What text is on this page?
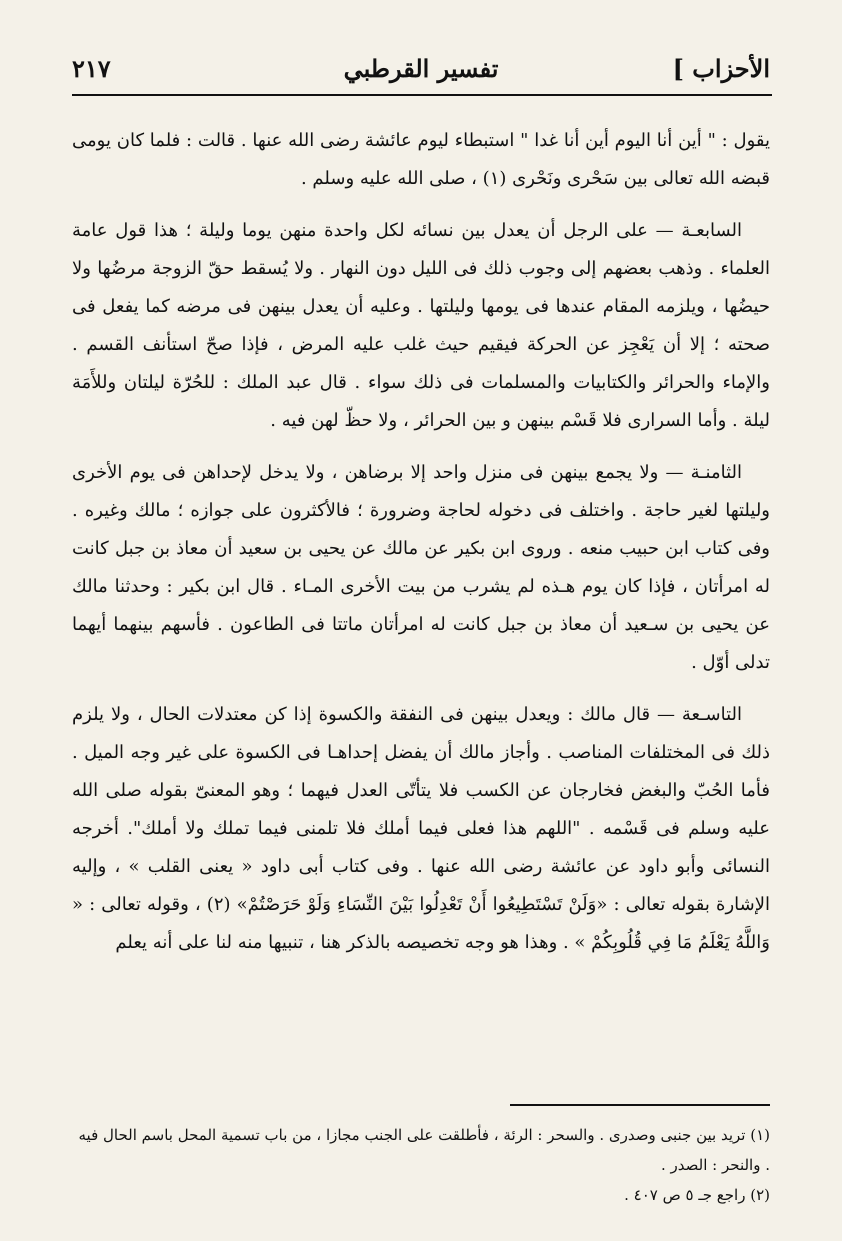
الأحزاب ]
تفسير القرطبي
٢١٧

يقول : " أين أنا اليوم أين أنا غدا " استبطاء ليوم عائشة رضى الله عنها . قالت : فلما كان يومى قبضه الله تعالى بين سَحْرى ونَحْرى (١) ، صلى الله عليه وسلم .

السابعـة — على الرجل أن يعدل بين نسائه لكل واحدة منهن يوما وليلة ؛ هذا قول عامة العلماء . وذهب بعضهم إلى وجوب ذلك فى الليل دون النهار . ولا يُسقط حقّ الزوجة مرضُها ولا حيضُها ، ويلزمه المقام عندها فى يومها وليلتها . وعليه أن يعدل بينهن فى مرضه كما يفعل فى صحته ؛ إلا أن يَعْجِز عن الحركة فيقيم حيث غلب عليه المرض ، فإذا صحّ استأنف القسم . والإماء والحرائر والكتابيات والمسلمات فى ذلك سواء . قال عبد الملك : للحُرّة ليلتان وللأَمَة ليلة . وأما السرارى فلا قَسْم بينهن و بين الحرائر ، ولا حظّ لهن فيه .

الثامنـة — ولا يجمع بينهن فى منزل واحد إلا برضاهن ، ولا يدخل لإحداهن فى يوم الأخرى وليلتها لغير حاجة . واختلف فى دخوله لحاجة وضرورة ؛ فالأكثرون على جوازه ؛ مالك وغيره . وفى كتاب ابن حبيب منعه . وروى ابن بكير عن مالك عن يحيى بن سعيد أن معاذ بن جبل كانت له امرأتان ، فإذا كان يوم هـذه لم يشرب من بيت الأخرى المـاء . قال ابن بكير : وحدثنا مالك عن يحيى بن سـعيد أن معاذ بن جبل كانت له امرأتان ماتتا فى الطاعون . فأسهم بينهما أيهما تدلى أوّل .

التاسـعة — قال مالك : ويعدل بينهن فى النفقة والكسوة إذا كن معتدلات الحال ، ولا يلزم ذلك فى المختلفات المناصب . وأجاز مالك أن يفضل إحداهـا فى الكسوة على غير وجه الميل . فأما الحُبّ والبغض فخارجان عن الكسب فلا يتأتّى العدل فيهما ؛ وهو المعنىّ بقوله صلى الله عليه وسلم فى قَسْمه . "اللهم هذا فعلى فيما أملك فلا تلمنى فيما تملك ولا أملك". أخرجه النسائى وأبو داود عن عائشة رضى الله عنها . وفى كتاب أبى داود « يعنى القلب » ، وإليه الإشارة بقوله تعالى : «وَلَنْ تَسْتَطِيعُوا أَنْ تَعْدِلُوا بَيْنَ النِّسَاءِ وَلَوْ حَرَصْتُمْ» (٢) ، وقوله تعالى : « وَاللَّهُ يَعْلَمُ مَا فِي قُلُوبِكُمْ » . وهذا هو وجه تخصيصه بالذكر هنا ، تنبيها منه لنا على أنه يعلم

(١) تريد بين جنبى وصدرى . والسحر : الرئة ، فأطلقت على الجنب مجازا ، من باب تسمية المحل باسم الحال فيه . والنحر : الصدر .

(٢) راجع جـ ٥ ص ٤٠٧ .
